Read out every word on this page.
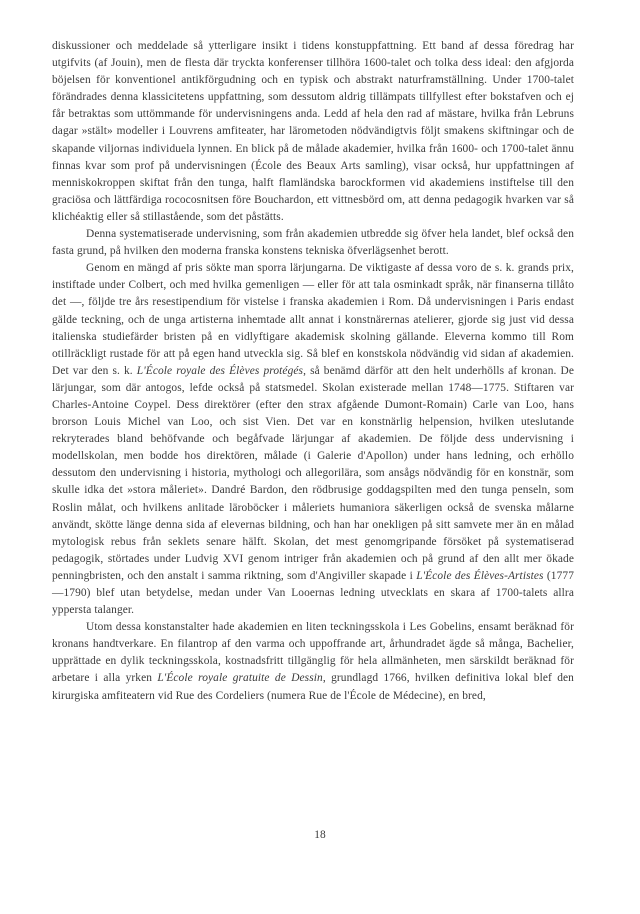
diskussioner och meddelade så ytterligare insikt i tidens konstuppfattning. Ett band af dessa föredrag har utgifvits (af Jouin), men de flesta där tryckta konferenser tillhöra 1600-talet och tolka dess ideal: den afgjorda böjelsen för konventionel antikförgudning och en typisk och abstrakt naturframställning. Under 1700-talet förändrades denna klassicitetens uppfattning, som dessutom aldrig tillämpats tillfyllest efter bokstafven och ej får betraktas som uttömmande för undervisningens anda. Ledd af hela den rad af mästare, hvilka från Lebruns dagar »stält» modeller i Louvrens amfiteater, har lärometoden nödvändigtvis följt smakens skiftningar och de skapande viljornas individuela lynnen. En blick på de målade akademier, hvilka från 1600- och 1700-talet ännu finnas kvar som prof på undervisningen (École des Beaux Arts samling), visar också, hur uppfattningen af menniskokroppen skiftat från den tunga, halft flamländska barockformen vid akademiens instiftelse till den graciösa och lättfärdiga rococosnitsen före Bouchardon, ett vittnesbörd om, att denna pedagogik hvarken var så klichéaktig eller så stillastående, som det påstätts.

Denna systematiserade undervisning, som från akademien utbredde sig öfver hela landet, blef också den fasta grund, på hvilken den moderna franska konstens tekniska öfverlägsenhet berott.

Genom en mängd af pris sökte man sporra lärjungarna. De viktigaste af dessa voro de s. k. grands prix, instiftade under Colbert, och med hvilka gemenligen — eller för att tala osminkadt språk, när finanserna tillåto det —, följde tre års resestipendium för vistelse i franska akademien i Rom. Då undervisningen i Paris endast gälde teckning, och de unga artisterna inhemtade allt annat i konstnärernas atelierer, gjorde sig just vid dessa italienska studiefärder bristen på en vidlyftigare akademisk skolning gällande. Eleverna kommo till Rom otillräckligt rustade för att på egen hand utveckla sig. Så blef en konstskola nödvändig vid sidan af akademien. Det var den s. k. L'École royale des Élèves protégés, så benämd därför att den helt underhölls af kronan. De lärjungar, som där antogos, lefde också på statsmedel. Skolan existerade mellan 1748—1775. Stiftaren var Charles-Antoine Coypel. Dess direktörer (efter den strax afgående Dumont-Romain) Carle van Loo, hans brorson Louis Michel van Loo, och sist Vien. Det var en konstnärlig helpension, hvilken uteslutande rekryterades bland behöfvande och begåfvade lärjungar af akademien. De följde dess undervisning i modellskolan, men bodde hos direktören, målade (i Galerie d'Apollon) under hans ledning, och erhöllo dessutom den undervisning i historia, mythologi och allegorilära, som ansågs nödvändig för en konstnär, som skulle idka det »stora måleriet». Dandré Bardon, den rödbrusige goddagspilten med den tunga penseln, som Roslin målat, och hvilkens anlitade läroböcker i måleriets humaniora säkerligen också de svenska målarne användt, skötte länge denna sida af elevernas bildning, och han har onekligen på sitt samvete mer än en målad mytologisk rebus från seklets senare hälft. Skolan, det mest genomgripande försöket på systematiserad pedagogik, störtades under Ludvig XVI genom intriger från akademien och på grund af den allt mer ökade penningbristen, och den anstalt i samma riktning, som d'Angiviller skapade i L'École des Élèves-Artistes (1777—1790) blef utan betydelse, medan under Van Looernas ledning utvecklats en skara af 1700-talets allra yppersta talanger.

Utom dessa konstanstalter hade akademien en liten teckningsskola i Les Gobelins, ensamt beräknad för kronans handtverkare. En filantrop af den varma och uppoffrande art, århundradet ägde så många, Bachelier, upprättade en dylik teckningsskola, kostnadsfritt tillgänglig för hela allmänheten, men särskildt beräknad för arbetare i alla yrken L'École royale gratuite de Dessin, grundlagd 1766, hvilken definitiva lokal blef den kirurgiska amfiteatern vid Rue des Cordeliers (numera Rue de l'École de Médecine), en bred,

18
